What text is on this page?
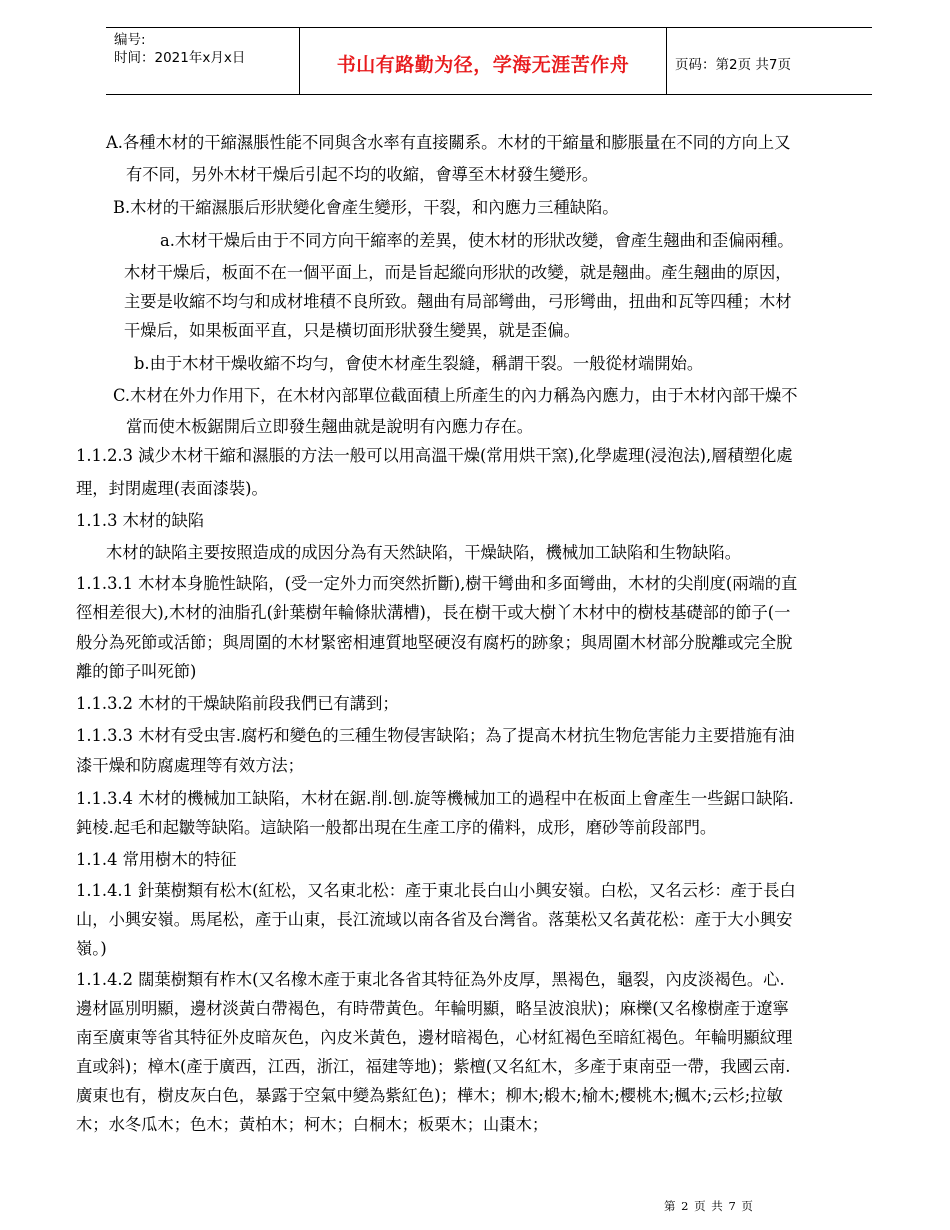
编号:
时间：2021年x月x日	书山有路勤为径，学海无涯苦作舟	页码：第2页 共7页
A.各種木材的干縮濕脹性能不同與含水率有直接關系。木材的干縮量和膨脹量在不同的方向上又
有不同，另外木材干燥后引起不均的收縮，會導至木材發生變形。
B.木材的干縮濕脹后形狀變化會產生變形，干裂，和內應力三種缺陷。
a.木材干燥后由于不同方向干縮率的差異，使木材的形狀改變，會產生翹曲和歪偏兩種。
木材干燥后，板面不在一個平面上，而是旨起縱向形狀的改變，就是翹曲。產生翹曲的原因，
主要是收縮不均勻和成材堆積不良所致。翹曲有局部彎曲，弓形彎曲，扭曲和瓦等四種；木材
干燥后，如果板面平直，只是橫切面形狀發生變異，就是歪偏。
b.由于木材干燥收縮不均勻，會使木材產生裂縫，稱謂干裂。一般從材端開始。
C.木材在外力作用下，在木材內部單位截面積上所產生的內力稱為內應力，由于木材內部干燥不
當而使木板鋸開后立即發生翹曲就是說明有內應力存在。
1.1.2.3 減少木材干縮和濕脹的方法一般可以用高溫干燥(常用烘干窯),化學處理(浸泡法),層積塑化處
理，封閉處理(表面漆裝)。
1.1.3 木材的缺陷
木材的缺陷主要按照造成的成因分為有天然缺陷，干燥缺陷，機械加工缺陷和生物缺陷。
1.1.3.1 木材本身脆性缺陷，(受一定外力而突然折斷),樹干彎曲和多面彎曲，木材的尖削度(兩端的直
徑相差很大),木材的油脂孔(針葉樹年輪條狀溝槽)，長在樹干或大樹丫木材中的樹枝基礎部的節子(一
般分為死節或活節；與周圍的木材緊密相連質地堅硬沒有腐朽的跡象；與周圍木材部分脫離或完全脫
離的節子叫死節)
1.1.3.2 木材的干燥缺陷前段我們已有講到；
1.1.3.3 木材有受虫害.腐朽和變色的三種生物侵害缺陷；為了提高木材抗生物危害能力主要措施有油
漆干燥和防腐處理等有效方法；
1.1.3.4 木材的機械加工缺陷，木材在鋸.削.刨.旋等機械加工的過程中在板面上會產生一些鋸口缺陷.
鈍棱.起毛和起皺等缺陷。這缺陷一般都出現在生產工序的備料，成形，磨砂等前段部門。
1.1.4 常用樹木的特征
1.1.4.1 針葉樹類有松木(紅松，又名東北松：產于東北長白山小興安嶺。白松，又名云杉：產于長白
山，小興安嶺。馬尾松，產于山東，長江流域以南各省及台灣省。落葉松又名黃花松：產于大小興安
嶺。)
1.1.4.2 闊葉樹類有柞木(又名橡木產于東北各省其特征為外皮厚，黑褐色，龜裂，內皮淡褐色。心.
邊材區別明顯，邊材淡黃白帶褐色，有時帶黃色。年輪明顯，略呈波浪狀)；麻櫟(又名橡樹產于遼寧
南至廣東等省其特征外皮暗灰色，內皮米黃色，邊材暗褐色，心材紅褐色至暗紅褐色。年輪明顯紋理
直或斜)；樟木(產于廣西，江西，浙江，福建等地)；紫檀(又名紅木，多產于東南亞一帶，我國云南.
廣東也有，樹皮灰白色，暴露于空氣中變為紫紅色)；樺木；柳木;椴木;榆木;櫻桃木;楓木;云杉;拉敏
木；水冬瓜木；色木；黃柏木；柯木；白桐木；板栗木；山棗木；
第 2 页 共 7 页
